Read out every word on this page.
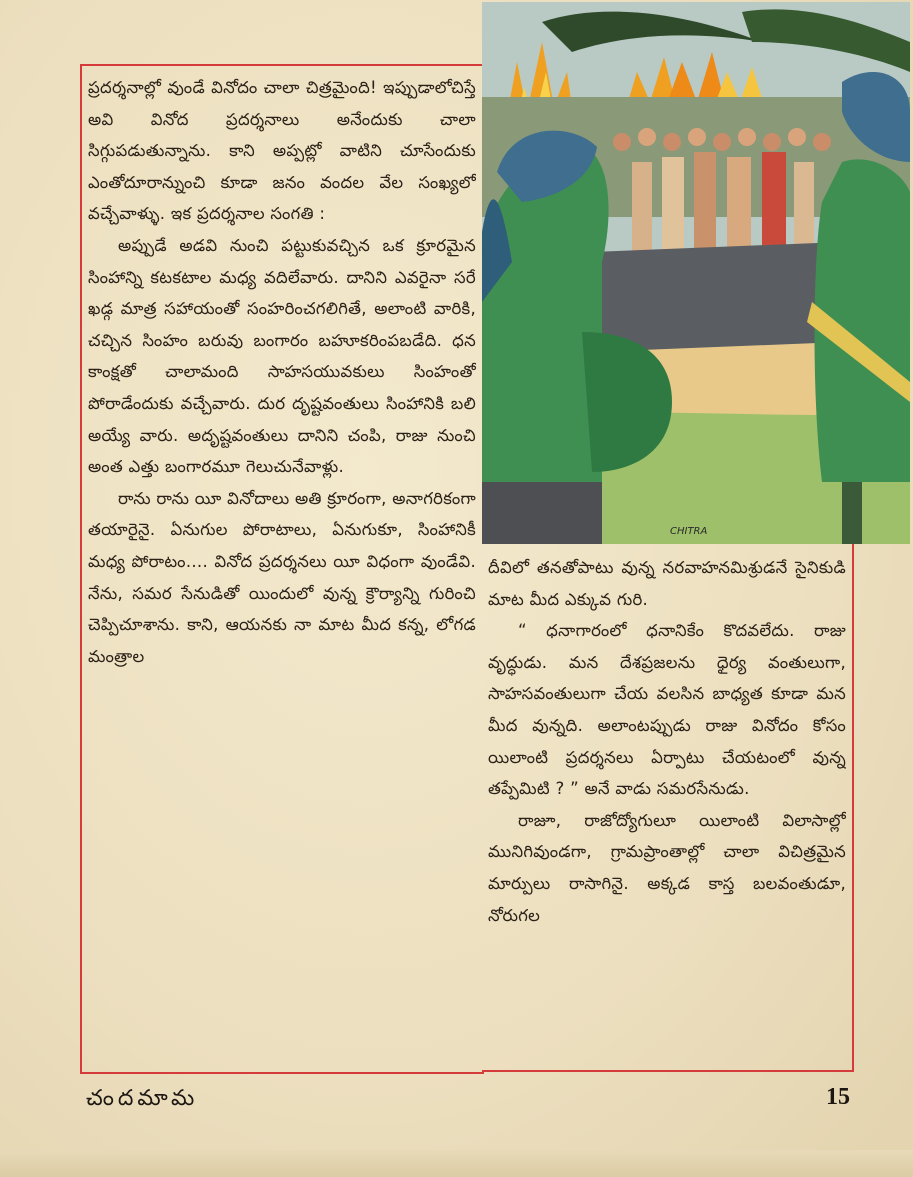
ప్రదర్శనాల్లో వుండే వినోదం చాలా చిత్రమైంది! ఇప్పుడాలోచిస్తే అవి వినోద ప్రదర్శనాలు అనేందుకు చాలా సిగ్గుపడుతున్నాను. కాని అప్పట్లో వాటిని చూసేందుకు ఎంతోదూరాన్నుంచి కూడా జనం వందల వేల సంఖ్యలో వచ్చేవాళ్ళు. ఇక ప్రదర్శనాల సంగతి :

అప్పుడే అడవి నుంచి పట్టుకువచ్చిన ఒక క్రూరమైన సింహాన్ని కటకటాల మధ్య వదిలేవారు. దానిని ఎవరైనా సరే ఖడ్గ మాత్ర సహాయంతో సంహరించగలిగితే, అలాంటి వారికి, చచ్చిన సింహం బరువు బంగారం బహూకరింపబడేది. ధన కాంక్షతో చాలామంది సాహసయువకులు సింహంతో పోరాడేందుకు వచ్చేవారు. దుర దృష్టవంతులు సింహానికి బలి అయ్యే వారు. అదృష్టవంతులు దానిని చంపి, రాజు నుంచి అంత ఎత్తు బంగారమూ గెలుచునేవాళ్లు.

రాను రాను యీ వినోదాలు అతి క్రూరంగా, అనాగరికంగా తయారైనై. ఏనుగుల పోరాటాలు, ఏనుగుకూ, సింహానికీ మధ్య పోరాటం.... వినోద ప్రదర్శనలు యీ విధంగా వుండేవి. నేను, సమర సేనుడితో యిందులో వున్న క్రౌర్యాన్ని గురించి చెప్పిచూశాను. కాని, ఆయనకు నా మాట మీద కన్న, లోగడ మంత్రాల

CHITRA

దీవిలో తనతోపాటు వున్న నరవాహనమిశ్రుడనే సైనికుడి మాట మీద ఎక్కువ గురి.

“ ధనాగారంలో ధనానికేం కొదవలేదు. రాజు వృద్ధుడు. మన దేశప్రజలను ధైర్య వంతులుగా, సాహసవంతులుగా చేయ వలసిన బాధ్యత కూడా మన మీద వున్నది. అలాంటప్పుడు రాజు వినోదం కోసం యిలాంటి ప్రదర్శనలు ఏర్పాటు చేయటంలో వున్న తప్పేమిటి ? ” అనే వాడు సమరసేనుడు.

రాజూ, రాజోద్యోగులూ యిలాంటి విలాసాల్లో మునిగివుండగా, గ్రామప్రాంతాల్లో చాలా విచిత్రమైన మార్పులు రాసాగినై. అక్కడ కాస్త బలవంతుడూ, నోరుగల

చందమామ	15
